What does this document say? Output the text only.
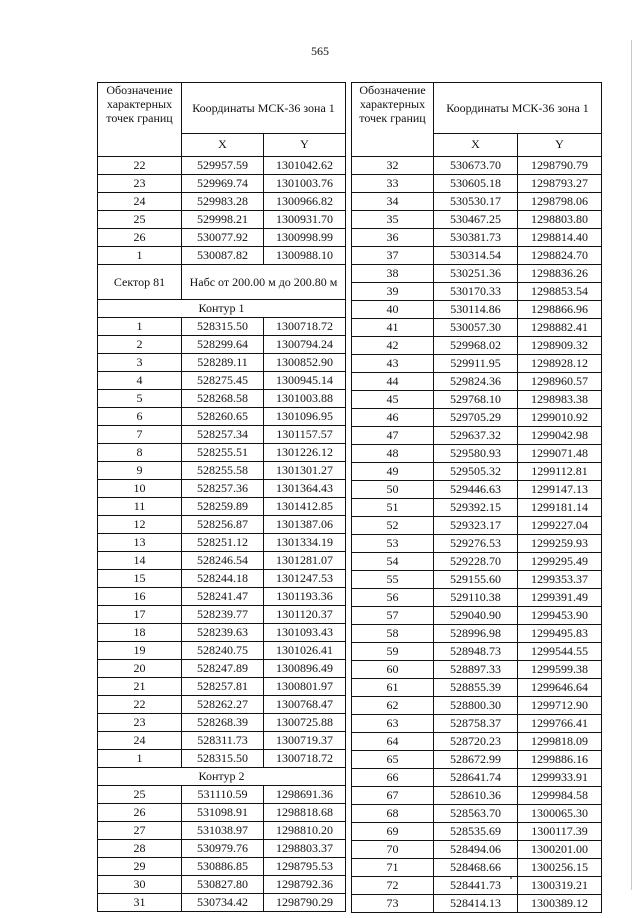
565
Обозначение характерных точек границ	Координаты МСК-36 зона 1	
	X	Y
22	529957.59	1301042.62
23	529969.74	1301003.76
24	529983.28	1300966.82
25	529998.21	1300931.70
26	530077.92	1300998.99
1	530087.82	1300988.10
Сектор 81	Набс от 200.00 м до 200.80 м	
Контур 1		
1	528315.50	1300718.72
2	528299.64	1300794.24
3	528289.11	1300852.90
4	528275.45	1300945.14
5	528268.58	1301003.88
6	528260.65	1301096.95
7	528257.34	1301157.57
8	528255.51	1301226.12
9	528255.58	1301301.27
10	528257.36	1301364.43
11	528259.89	1301412.85
12	528256.87	1301387.06
13	528251.12	1301334.19
14	528246.54	1301281.07
15	528244.18	1301247.53
16	528241.47	1301193.36
17	528239.77	1301120.37
18	528239.63	1301093.43
19	528240.75	1301026.41
20	528247.89	1300896.49
21	528257.81	1300801.97
22	528262.27	1300768.47
23	528268.39	1300725.88
24	528311.73	1300719.37
1	528315.50	1300718.72
Контур 2		
25	531110.59	1298691.36
26	531098.91	1298818.68
27	531038.97	1298810.20
28	530979.76	1298803.37
29	530886.85	1298795.53
30	530827.80	1298792.36
31	530734.42	1298790.29
Обозначение характерных точек границ	Координаты МСК-36 зона 1	
	X	Y
32	530673.70	1298790.79
33	530605.18	1298793.27
34	530530.17	1298798.06
35	530467.25	1298803.80
36	530381.73	1298814.40
37	530314.54	1298824.70
38	530251.36	1298836.26
39	530170.33	1298853.54
40	530114.86	1298866.96
41	530057.30	1298882.41
42	529968.02	1298909.32
43	529911.95	1298928.12
44	529824.36	1298960.57
45	529768.10	1298983.38
46	529705.29	1299010.92
47	529637.32	1299042.98
48	529580.93	1299071.48
49	529505.32	1299112.81
50	529446.63	1299147.13
51	529392.15	1299181.14
52	529323.17	1299227.04
53	529276.53	1299259.93
54	529228.70	1299295.49
55	529155.60	1299353.37
56	529110.38	1299391.49
57	529040.90	1299453.90
58	528996.98	1299495.83
59	528948.73	1299544.55
60	528897.33	1299599.38
61	528855.39	1299646.64
62	528800.30	1299712.90
63	528758.37	1299766.41
64	528720.23	1299818.09
65	528672.99	1299886.16
66	528641.74	1299933.91
67	528610.36	1299984.58
68	528563.70	1300065.30
69	528535.69	1300117.39
70	528494.06	1300201.00
71	528468.66	1300256.15
72	528441.73	1300319.21
73	528414.13	1300389.12
